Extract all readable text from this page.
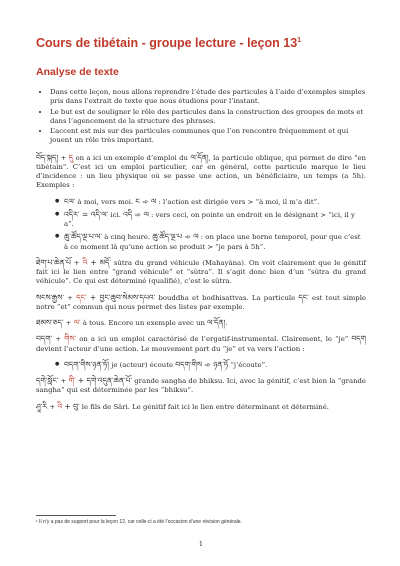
Cours de tibétain - groupe lecture - leçon $13^1$
Analyse de texte
• Dans cette leçon, nous allons reprendre l’étude des particules à l’aide d’exemples simples pris dans l’extrait de texte que nous étudions pour l’instant.
• Le but est de souligner le rôle des particules dans la construction des groupes de mots et dans l’agencement de la structure des phrases.
• L’accent est mis sur des particules communes que l’on rencontre fréquemment et qui jouent un rôle très important.

བོད་སྐད། + དུ on a ici un exemple d’emploi du ལ་དོན།, la particule oblique, qui permet de dire "en tibétain". C’est ici un emploi particulier, car en général, cette particule marque le lieu d’incidence : un lieu physique où se passe une action, un bénéficiaire, un temps (a 5h). Exemples :

● ངལ་ à moi, vers moi. ང ➾ ལ : l’action est dirigée vers > “à moi, il m’a dit”.
● འདིར་ = འདི་ལ་ ici. འདི ➾ ལ : vers ceci, on pointe un endroit en le désignant > “ici, il y a”.
● ཆུ་ཚོད་ལྔ་པ་ལ་ à cinq heure. ཆུ་ཚོད་ལྔ་པ ➾ ལ : on place une borne temporel, pour que c’est à ce moment là qu’une action se produit > “je pars à 5h”.

ཐེག་པ་ཆེན་པོ + འི + མདོ་ sûtra du grand véhicule (Mahayâna). On voit clairement que le génitif fait ici le lien entre “grand véhicule” et “sûtra”. Il s’agit donc bien d’un “sûtra du grand véhicule”. Ce qui est déterminé (qualifié), c’est le sûtra.

སངས་རྒྱས་ + དང་ + བྱང་ཆུབ་སེམས་དཔའ་ bouddha et bodhisattvas. La particule དང་ est tout simple notre “et” commun qui nous permet des listes par exemple.

ཐམས་ཅད་ + ལ་ à tous. Encore un exemple avec un ལ་དོན།.

བདག་ + གིས་ on a ici un emploi caractérisé de l’ergatif-instrumental. Clairement, le “je” བདག devient l’acteur d’une action. Le mouvement part du “je” et va vers l’action :

● བདག་གིས་ཉན་ཏོ། je (acteur) écoute བདག་གིས ➾ ཉན་ཏོ “j’écoute”.

དགེ་སློང་ + གི་ + དགེ་འདུན་ཆེན་པོ་ grande sangha de bhiksu. Ici, avec la génitif, c’est bien la “grande sangha” qui est déterminée par les “bhiksu”.

ཤཱ་རི + འི + བུ་ le fils de Sâri. Le génitif fait ici le lien entre déterminant et déterminé.

¹ Il n’y a pas de support pour la leçon 12, car celle-ci a été l’occasion d’une révision générale.
1
